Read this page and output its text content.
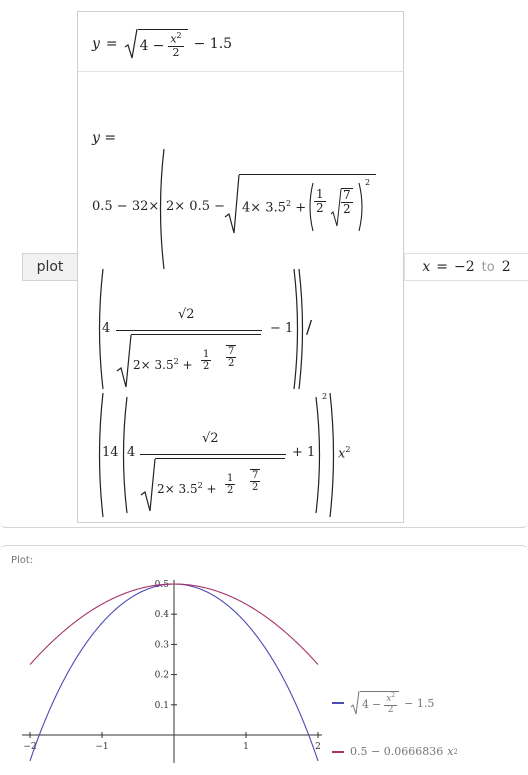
plot	x = −2 to 2
$y = 4 - \frac{x^2}{2} - 1.5$
y =
$0.5 - 32\times 2\times 0.5 - 4\times 3.5^2 + \frac{1}{2} \frac{7}{2}$
2
4
√2
$2\times 3.5^2 + \frac{1}{2} \frac{7}{2}$
− 1 /
14 4
√2
$2\times 3.5^2 + \frac{1}{2} \frac{7}{2}$
+ 1
2
$x^2$
Plot:
−2	−1	1	2
0.1
0.2
0.3
0.4
0.5
$4 - \frac{x^2}{2} - 1.5$
0.5 − 0.0666836 x 2
